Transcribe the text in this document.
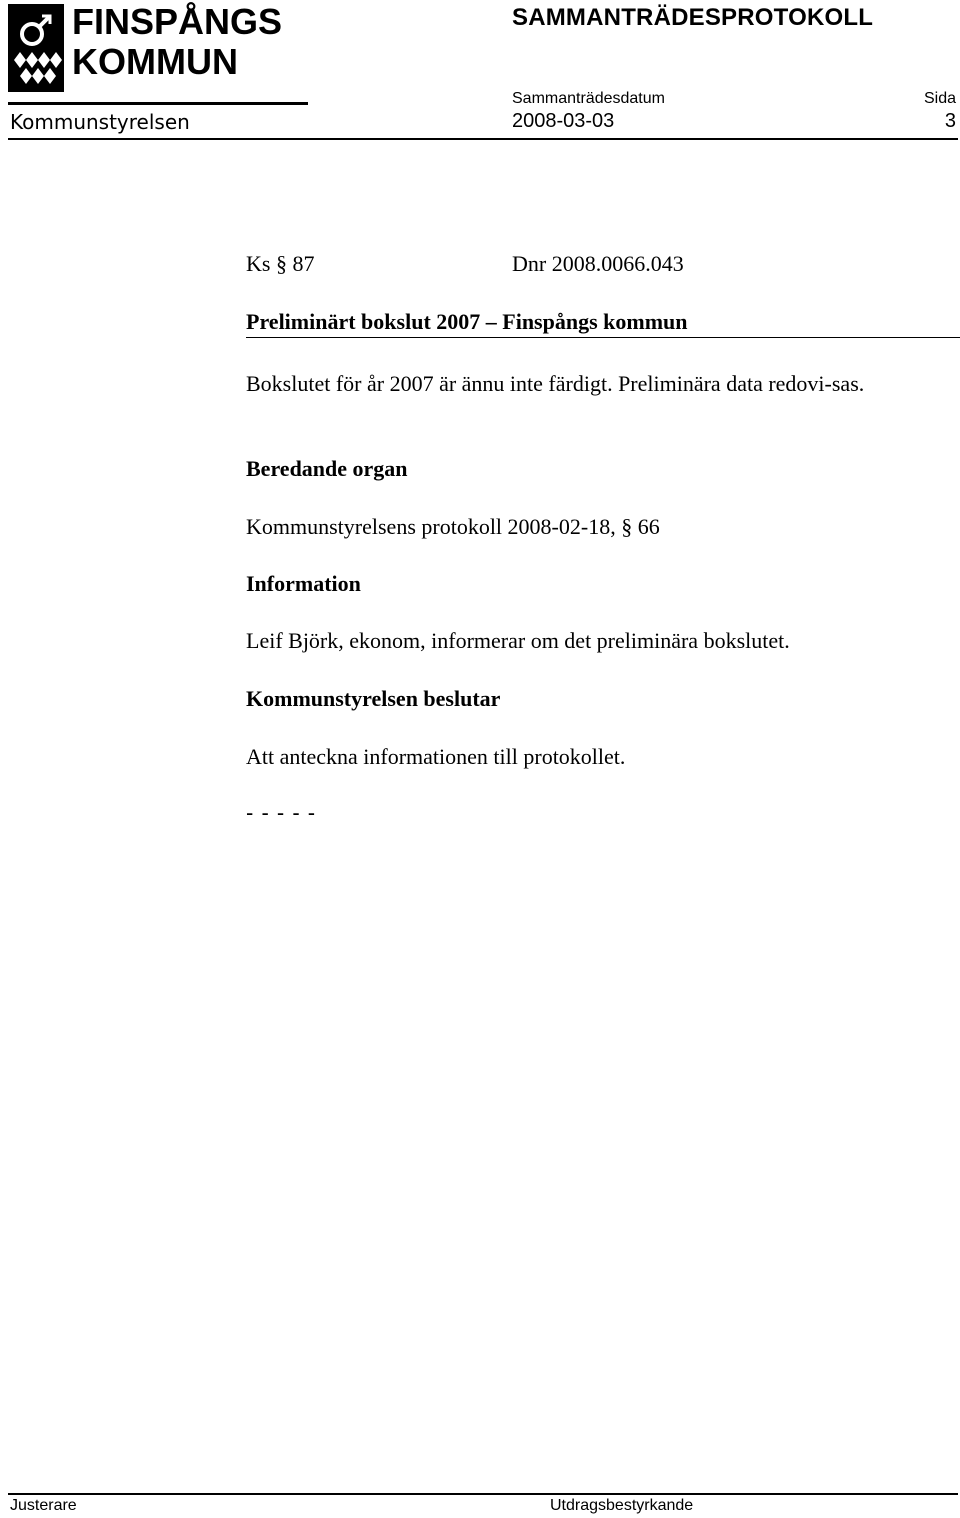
FINSPÅNGS
KOMMUN
Kommunstyrelsen
SAMMANTRÄDESPROTOKOLL
Sammanträdesdatum	Sida
2008-03-03	3
Ks § 87	Dnr 2008.0066.043
Preliminärt bokslut 2007 – Finspångs kommun
Bokslutet för år 2007 är ännu inte färdigt. Preliminära data redovi-sas.
Beredande organ
Kommunstyrelsens protokoll 2008-02-18, § 66
Information
Leif Björk, ekonom, informerar om det preliminära bokslutet.
Kommunstyrelsen beslutar
Att anteckna informationen till protokollet.
- - - - -
Justerare	Utdragsbestyrkande
